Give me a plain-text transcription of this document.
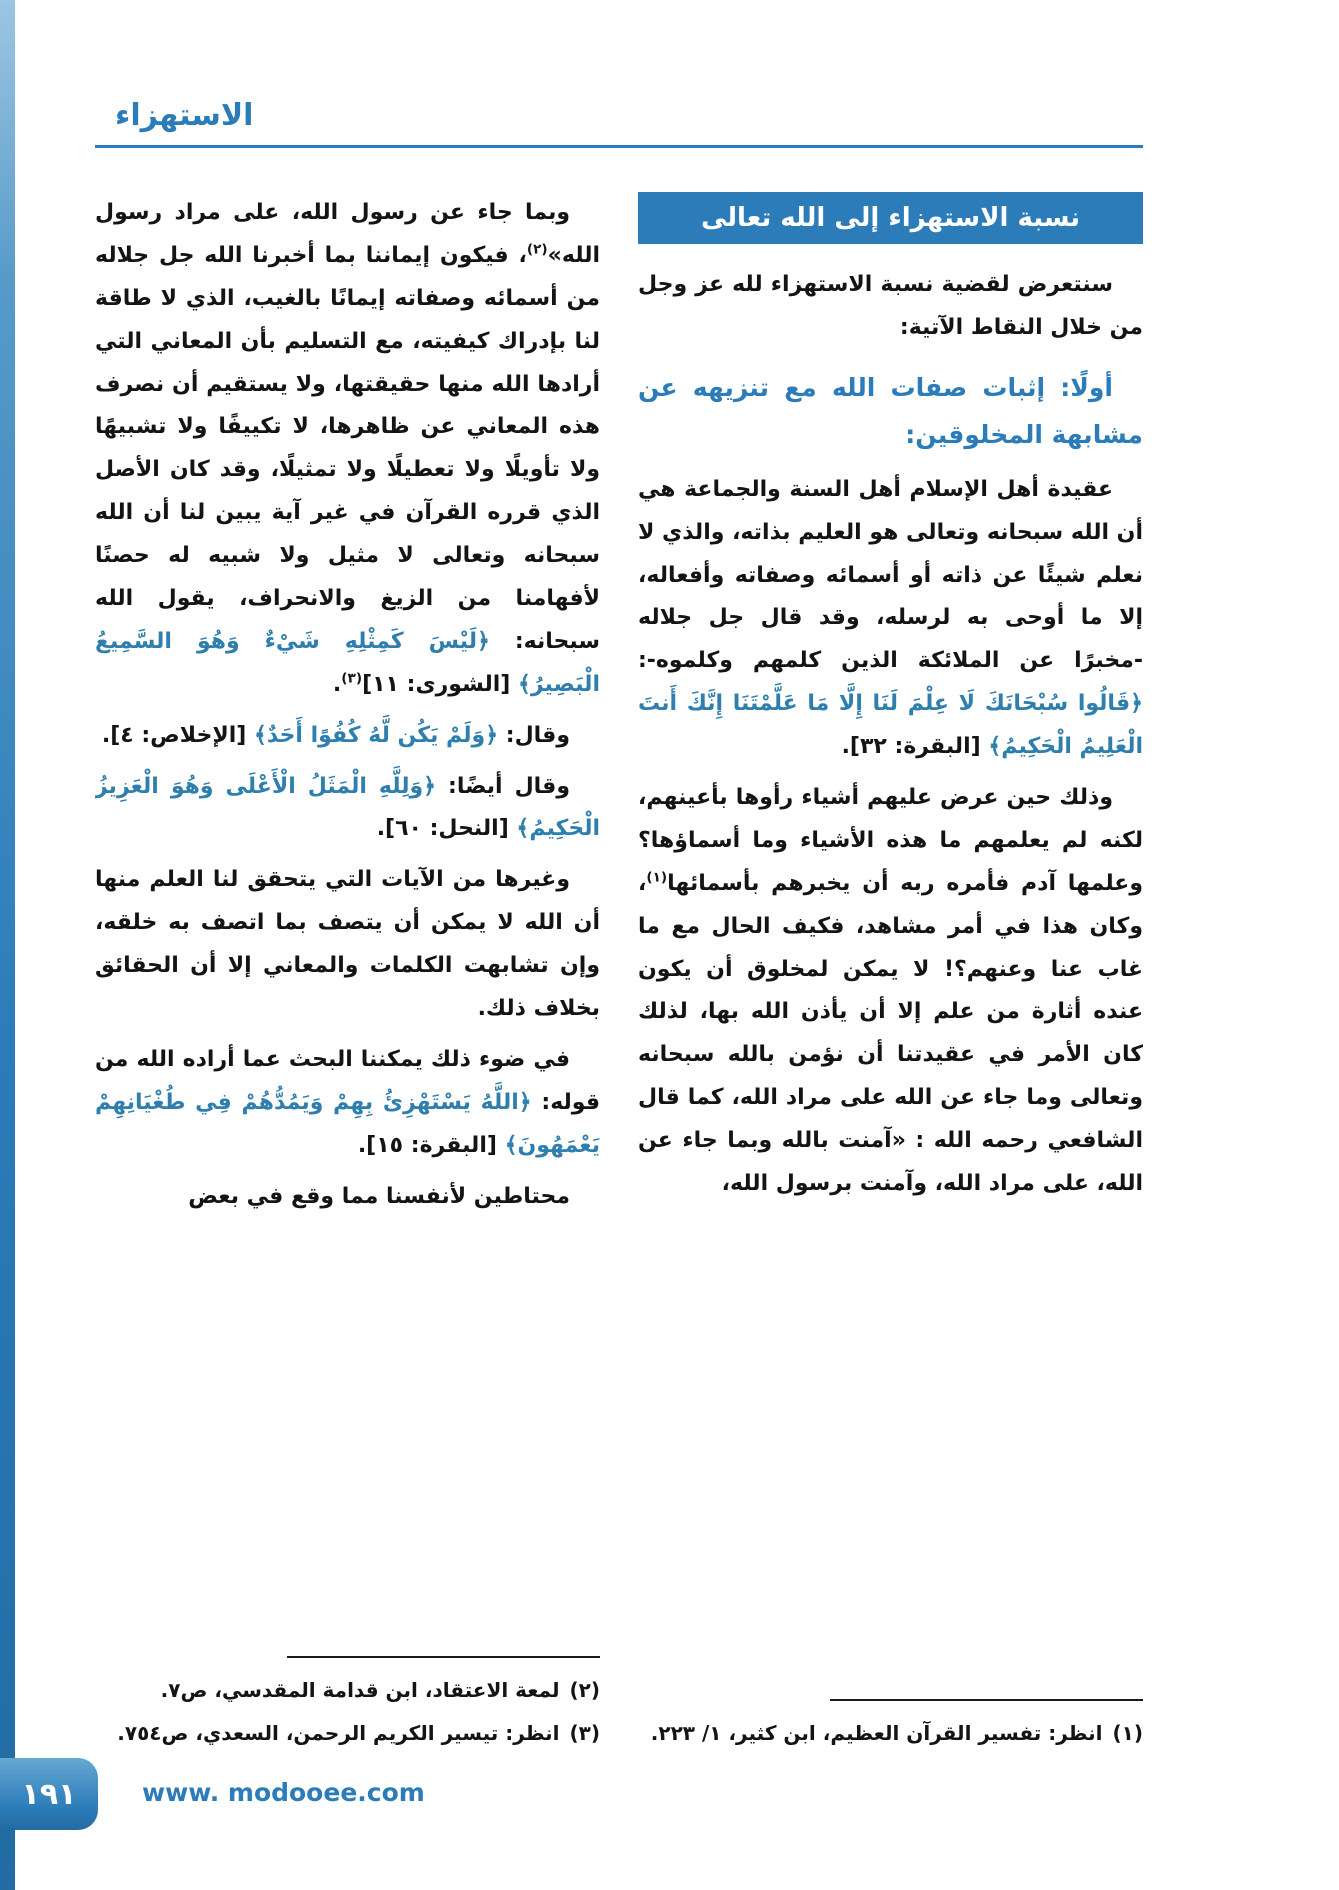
الاستهزاء
نسبة الاستهزاء إلى الله تعالى

سنتعرض لقضية نسبة الاستهزاء لله عز وجل من خلال النقاط الآتية:

أولًا: إثبات صفات الله مع تنزيهه عن مشابهة المخلوقين:

عقيدة أهل الإسلام أهل السنة والجماعة هي أن الله سبحانه وتعالى هو العليم بذاته، والذي لا نعلم شيئًا عن ذاته أو أسمائه وصفاته وأفعاله، إلا ما أوحى به لرسله، وقد قال جل جلاله -مخبرًا عن الملائكة الذين كلمهم وكلموه-: ﴿قَالُوا سُبْحَانَكَ لَا عِلْمَ لَنَا إِلَّا مَا عَلَّمْتَنَا إِنَّكَ أَنتَ الْعَلِيمُ الْحَكِيمُ﴾ [البقرة: ٣٢].

وذلك حين عرض عليهم أشياء رأوها بأعينهم، لكنه لم يعلمهم ما هذه الأشياء وما أسماؤها؟ وعلمها آدم فأمره ربه أن يخبرهم بأسمائها$^{(١)}$، وكان هذا في أمر مشاهد، فكيف الحال مع ما غاب عنا وعنهم؟! لا يمكن لمخلوق أن يكون عنده أثارة من علم إلا أن يأذن الله بها، لذلك كان الأمر في عقيدتنا أن نؤمن بالله سبحانه وتعالى وما جاء عن الله على مراد الله، كما قال الشافعي رحمه الله : «آمنت بالله وبما جاء عن الله، على مراد الله، وآمنت برسول الله،

(١)
انظر: تفسير القرآن العظيم، ابن كثير، ١/ ٢٢٣.

وبما جاء عن رسول الله، على مراد رسول الله»$^{(٢)}$، فيكون إيماننا بما أخبرنا الله جل جلاله من أسمائه وصفاته إيمانًا بالغيب، الذي لا طاقة لنا بإدراك كيفيته، مع التسليم بأن المعاني التي أرادها الله منها حقيقتها، ولا يستقيم أن نصرف هذه المعاني عن ظاهرها، لا تكييفًا ولا تشبيهًا ولا تأويلًا ولا تعطيلًا ولا تمثيلًا، وقد كان الأصل الذي قرره القرآن في غير آية يبين لنا أن الله سبحانه وتعالى لا مثيل ولا شبيه له حصنًا لأفهامنا من الزيغ والانحراف، يقول الله سبحانه: ﴿لَيْسَ كَمِثْلِهِ شَيْءٌ وَهُوَ السَّمِيعُ الْبَصِيرُ﴾ [الشورى: ١١]$^{(٣)}$.

وقال: ﴿وَلَمْ يَكُن لَّهُ كُفُوًا أَحَدٌ﴾ [الإخلاص: ٤].

وقال أيضًا: ﴿وَلِلَّهِ الْمَثَلُ الْأَعْلَى وَهُوَ الْعَزِيزُ الْحَكِيمُ﴾ [النحل: ٦٠].

وغيرها من الآيات التي يتحقق لنا العلم منها أن الله لا يمكن أن يتصف بما اتصف به خلقه، وإن تشابهت الكلمات والمعاني إلا أن الحقائق بخلاف ذلك.

في ضوء ذلك يمكننا البحث عما أراده الله من قوله: ﴿اللَّهُ يَسْتَهْزِئُ بِهِمْ وَيَمُدُّهُمْ فِي طُغْيَانِهِمْ يَعْمَهُونَ﴾ [البقرة: ١٥].

محتاطين لأنفسنا مما وقع في بعض

(٢)
لمعة الاعتقاد، ابن قدامة المقدسي، ص٧.

(٣)
انظر: تيسير الكريم الرحمن، السعدي، ص٧٥٤.

١٩١	www. modooee.com
